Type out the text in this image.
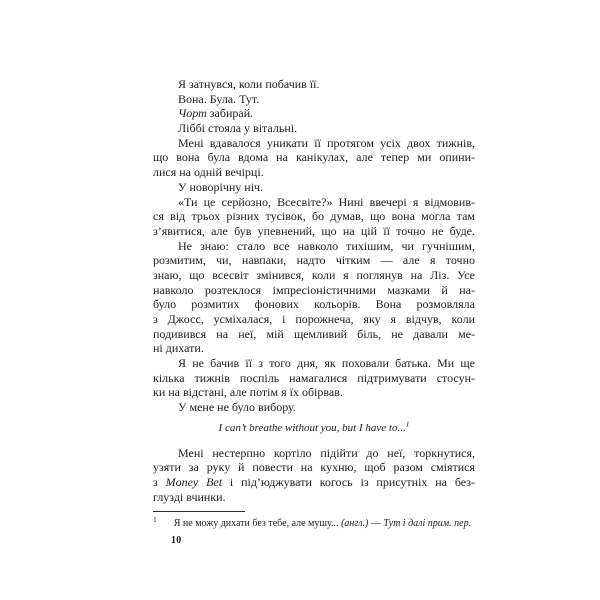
Я затнувся, коли побачив її.
Вона. Була. Тут.
Чорт забирай.
Ліббі стояла у вітальні.
Мені вдавалося уникати її протягом усіх двох тижнів,
що вона була вдома на канікулах, але тепер ми опини-
лися на одній вечірці.
У новорічну ніч.
«Ти це серйозно, Всесвіте?» Нині ввечері я відмовив-
ся від трьох різних тусівок, бо думав, що вона могла там
з’явитися, але був упевнений, що на цій її точно не буде.
Не знаю: стало все навколо тихішим, чи гучнішим,
розмитим, чи, навпаки, надто чітким — але я точно
знаю, що всесвіт змінився, коли я поглянув на Ліз. Усе
навколо розтеклося імпресіоністичними мазками й на-
було розмитих фонових кольорів. Вона розмовляла
з Джосс, усміхалася, і порожнеча, яку я відчув, коли
подивився на неї, мій щемливий біль, не давали ме-
ні дихати.
Я не бачив її з того дня, як поховали батька. Ми ще
кілька тижнів поспіль намагалися підтримувати стосун-
ки на відстані, але потім я їх обірвав.
У мене не було вибору.
I can’t breathe without you, but I have to...$^1$
Мені нестерпно кортіло підійти до неї, торкнутися,
узяти за руку й повести на кухню, щоб разом сміятися
з Money Bet і під’юджувати когось із присутніх на без-
глузді вчинки.
$^1$ Я не можу дихати без тебе, але мушу... (англ.) — Тут і далі прим. пер.
10
